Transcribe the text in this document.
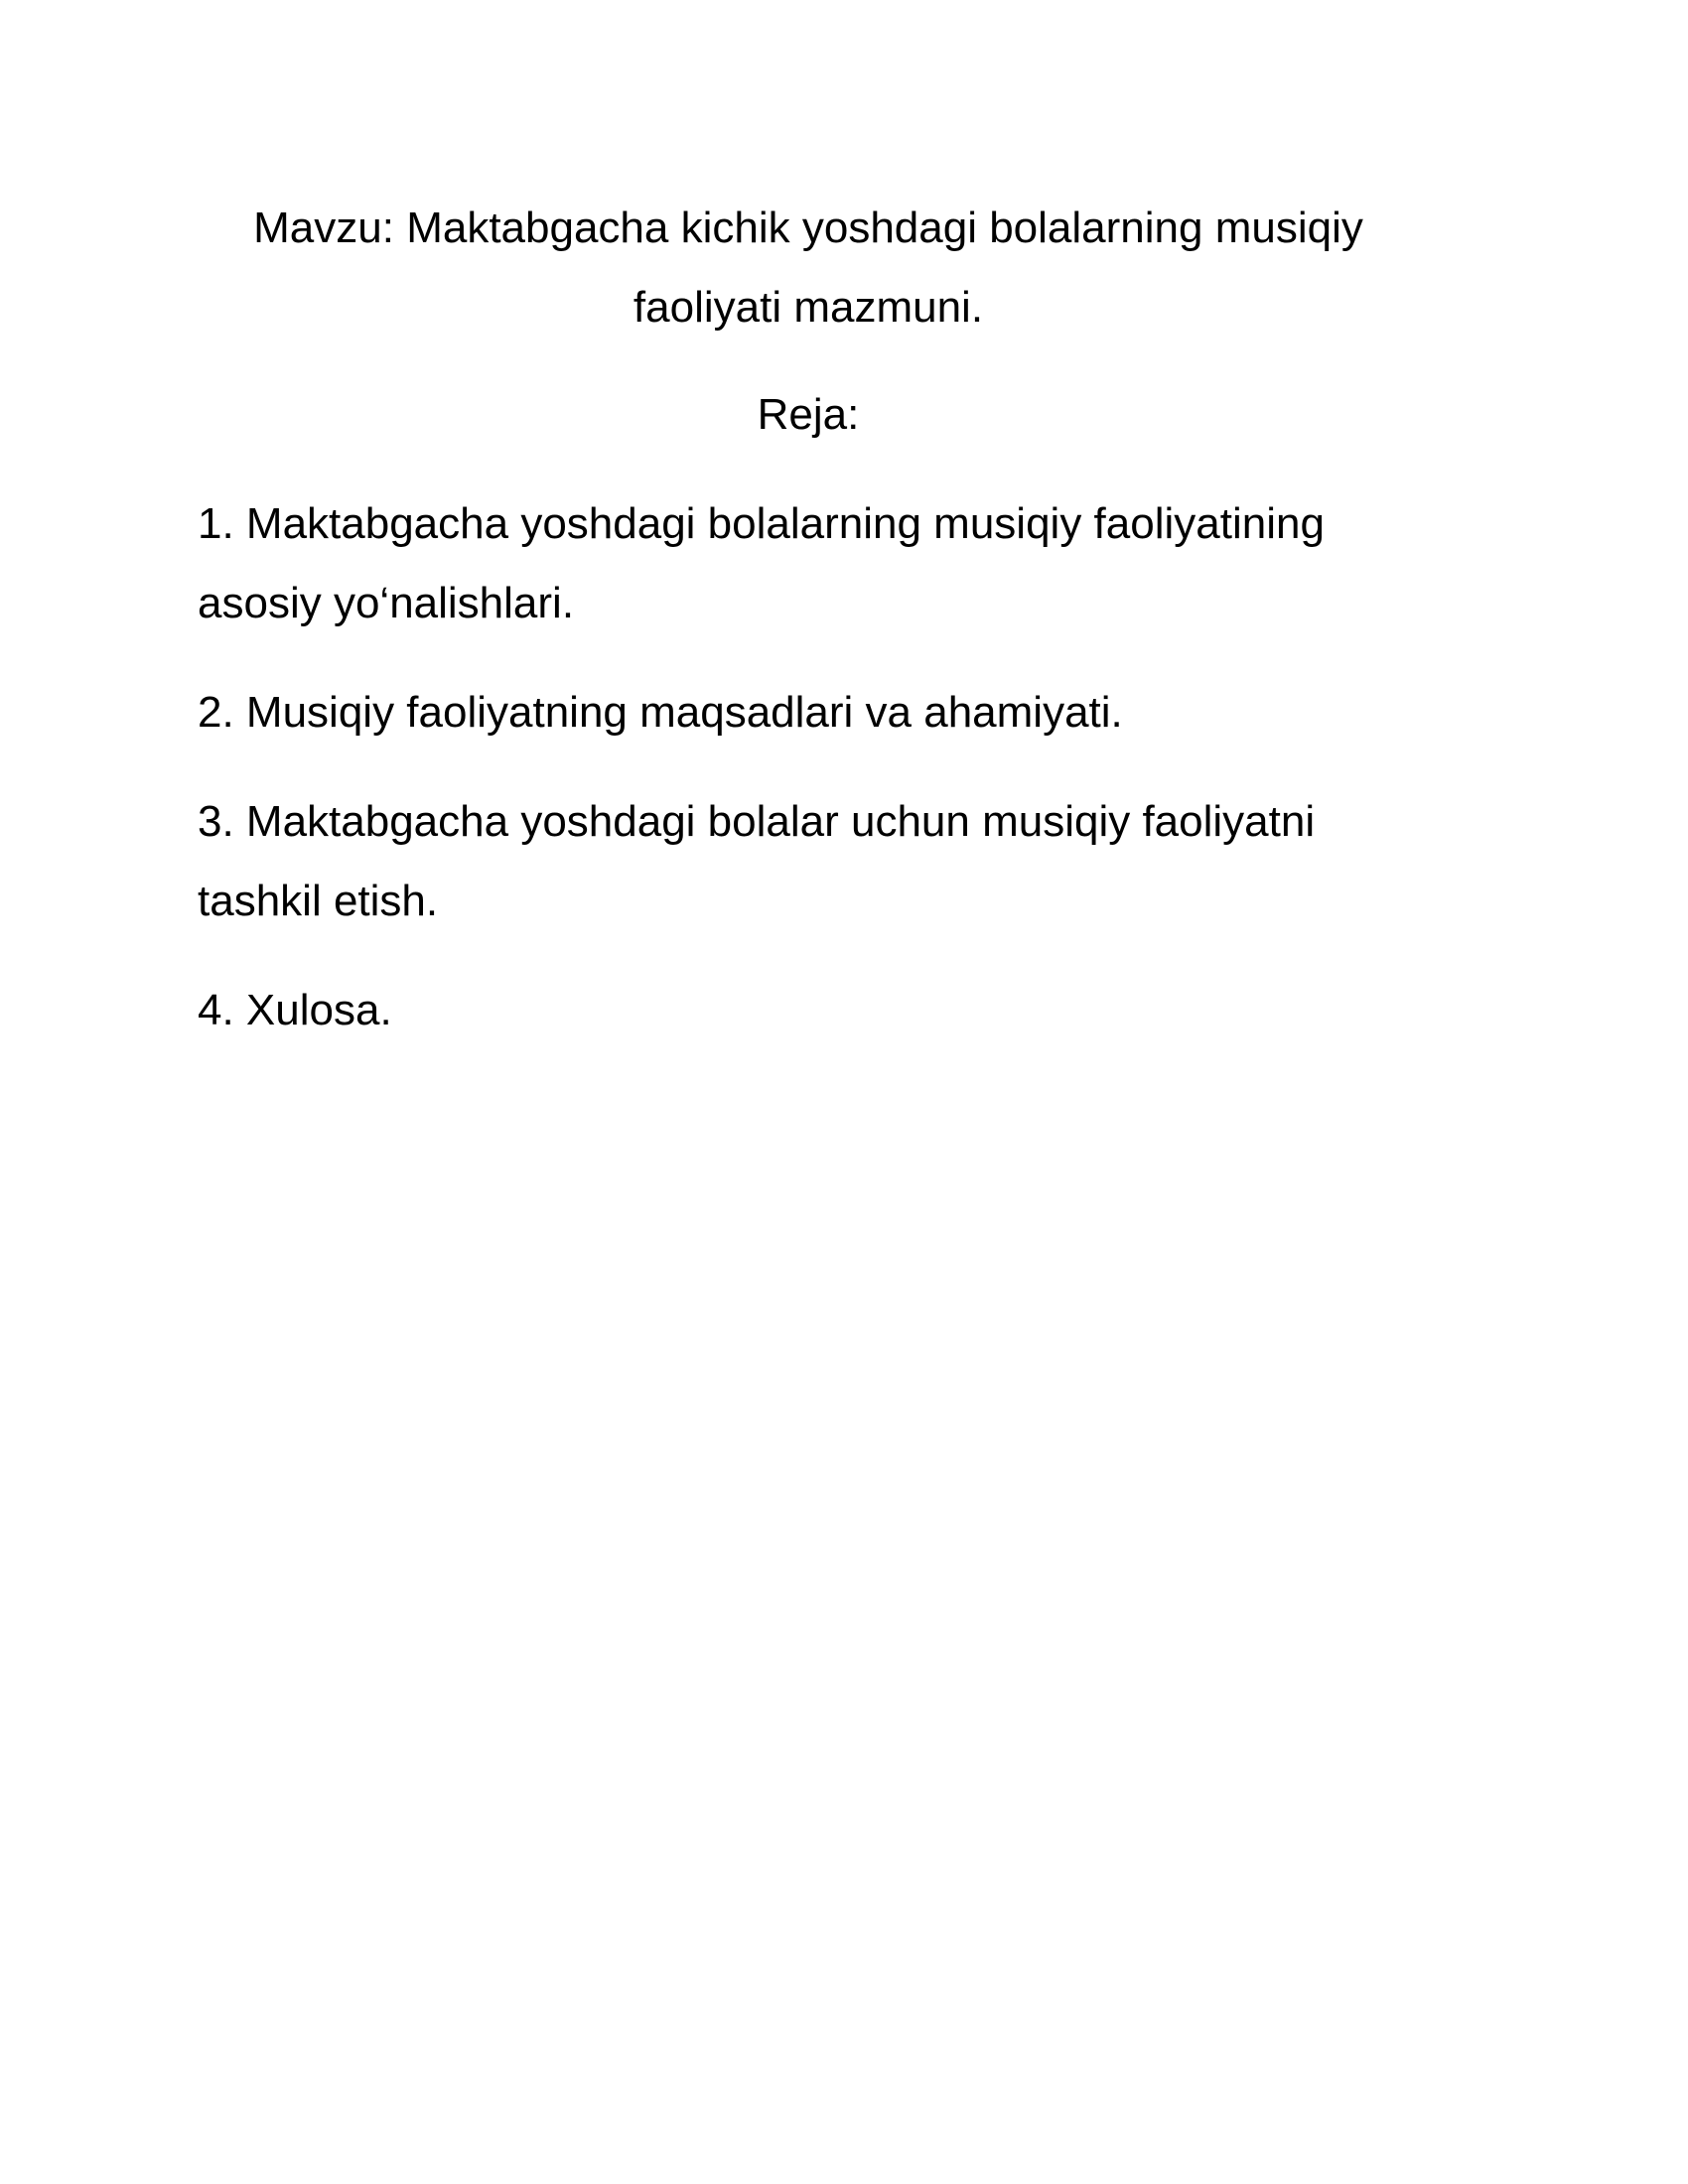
Mavzu: Maktabgacha kichik yoshdagi bolalarning musiqiy faoliyati mazmuni.

Reja:

1. Maktabgacha yoshdagi bolalarning musiqiy faoliyatining asosiy yo‘nalishlari.
2. Musiqiy faoliyatning maqsadlari va ahamiyati.
3. Maktabgacha yoshdagi bolalar uchun musiqiy faoliyatni tashkil etish.
4. Xulosa.
